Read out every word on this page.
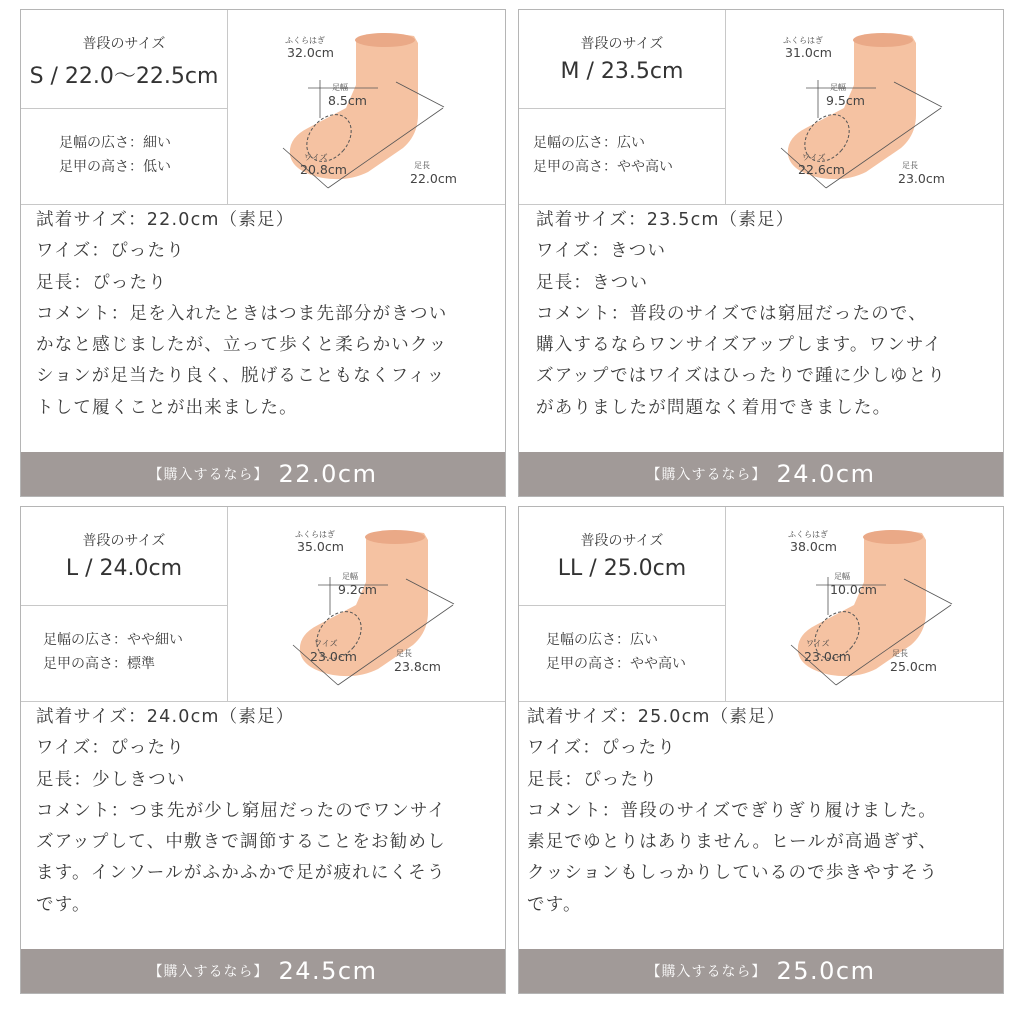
普段のサイズ
S / 22.0〜22.5cm
足幅の広さ：細い
足甲の高さ：低い
ふくらはぎ
32.0cm
足幅
8.5cm
ワイズ
20.8cm	足長
22.0cm
試着サイズ：22.0cm（素足）
ワイズ：ぴったり
足長：ぴったり
コメント：足を入れたときはつま先部分がきつい
かなと感じましたが、立って歩くと柔らかいクッ
ションが足当たり良く、脱げることもなくフィッ
トして履くことが出来ました。
【購入するなら】 22.0cm
普段のサイズ
M / 23.5cm
足幅の広さ：広い
足甲の高さ：やや高い
ふくらはぎ
31.0cm
足幅
9.5cm
ワイズ
22.6cm	足長
23.0cm
試着サイズ：23.5cm（素足）
ワイズ：きつい
足長：きつい
コメント：普段のサイズでは窮屈だったので、
購入するならワンサイズアップします。ワンサイ
ズアップではワイズはひったりで踵に少しゆとり
がありましたが問題なく着用できました。
【購入するなら】 24.0cm
普段のサイズ
L / 24.0cm
足幅の広さ：やや細い
足甲の高さ：標準
ふくらはぎ
35.0cm
足幅
9.2cm
ワイズ
23.0cm	足長
23.8cm
試着サイズ：24.0cm（素足）
ワイズ：ぴったり
足長：少しきつい
コメント：つま先が少し窮屈だったのでワンサイ
ズアップして、中敷きで調節することをお勧めし
ます。インソールがふかふかで足が疲れにくそう
です。
【購入するなら】 24.5cm
普段のサイズ
LL / 25.0cm
足幅の広さ：広い
足甲の高さ：やや高い
ふくらはぎ
38.0cm
足幅
10.0cm
ワイズ
23.0cm	足長
25.0cm
試着サイズ：25.0cm（素足）
ワイズ：ぴったり
足長：ぴったり
コメント：普段のサイズでぎりぎり履けました。
素足でゆとりはありません。ヒールが高過ぎず、
クッションもしっかりしているので歩きやすそう
です。
【購入するなら】 25.0cm
